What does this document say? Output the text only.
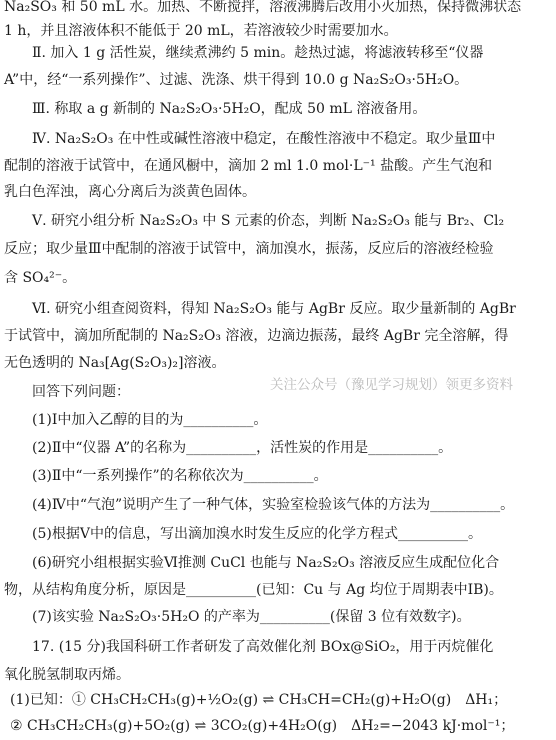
Na₂SO₃ 和 50 mL 水。加热、不断搅拌，溶液沸腾后改用小火加热，保持微沸状态
1 h，并且溶液体积不能低于 20 mL，若溶液较少时需要加水。
Ⅱ. 加入 1 g 活性炭，继续煮沸约 5 min。趁热过滤，将滤液转移至“仪器
A”中，经“一系列操作”、过滤、洗涤、烘干得到 10.0 g Na₂S₂O₃·5H₂O。
Ⅲ. 称取 a g 新制的 Na₂S₂O₃·5H₂O，配成 50 mL 溶液备用。
Ⅳ. Na₂S₂O₃ 在中性或碱性溶液中稳定，在酸性溶液中不稳定。取少量Ⅲ中
配制的溶液于试管中，在通风橱中，滴加 2 ml 1.0 mol·L⁻¹ 盐酸。产生气泡和
乳白色浑浊，离心分离后为淡黄色固体。
Ⅴ. 研究小组分析 Na₂S₂O₃ 中 S 元素的价态，判断 Na₂S₂O₃ 能与 Br₂、Cl₂
反应；取少量Ⅲ中配制的溶液于试管中，滴加溴水，振荡，反应后的溶液经检验
含 SO₄²⁻。
Ⅵ. 研究小组查阅资料，得知 Na₂S₂O₃ 能与 AgBr 反应。取少量新制的 AgBr
于试管中，滴加所配制的 Na₂S₂O₃ 溶液，边滴边振荡，最终 AgBr 完全溶解，得
无色透明的 Na₃[Ag(S₂O₃)₂]溶液。
回答下列问题：
(1)Ⅰ中加入乙醇的目的为__________。
(2)Ⅱ中“仪器 A”的名称为__________，活性炭的作用是__________。
(3)Ⅱ中“一系列操作”的名称依次为__________。
(4)Ⅳ中“气泡”说明产生了一种气体，实验室检验该气体的方法为__________。
(5)根据Ⅴ中的信息，写出滴加溴水时发生反应的化学方程式__________。
(6)研究小组根据实验Ⅵ推测 CuCl 也能与 Na₂S₂O₃ 溶液反应生成配位化合
物，从结构角度分析，原因是__________(已知：Cu 与 Ag 均位于周期表中ⅠB)。
(7)该实验 Na₂S₂O₃·5H₂O 的产率为__________(保留 3 位有效数字)。
17. (15 分)我国科研工作者研发了高效催化剂 BOx@SiO₂，用于丙烷催化
氧化脱氢制取丙烯。
(1)已知：① CH₃CH₂CH₃(g)+½O₂(g) ⇌ CH₃CH=CH₂(g)+H₂O(g)　ΔH₁；
关注公众号（豫见学习规划）领更多资料
② CH₃CH₂CH₃(g)+5O₂(g) ⇌ 3CO₂(g)+4H₂O(g)　ΔH₂=−2043 kJ·mol⁻¹；
